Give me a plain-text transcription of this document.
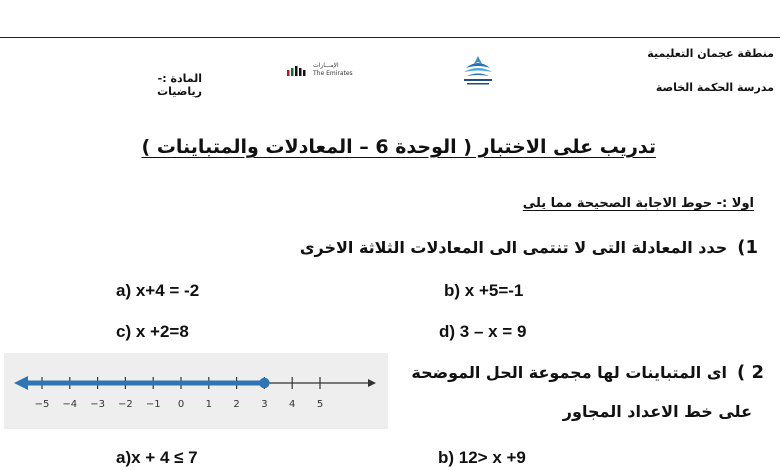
منطقة عجمان التعليمية
مدرسة الحكمة الخاصة
الإمـــارات
The Emirates
المادة :- رياضيات
تدريب على الاختبار ( الوحدة 6 – المعادلات والمتباينات )
اولا :- حوط الاجابة الصحيحة مما يلى
1)
حدد المعادلة التى لا تنتمى الى المعادلات الثلاثة الاخرى
a) x+4 = -2	b) x +5=-1
c) x +2=8	d) 3 – x = 9
−5 −4 −3 −2 −1 0 1 2 3 4 5
2 )
اى المتباينات لها مجموعة الحل الموضحة
على خط الاعداد المجاور
a)x + 4 ≤ 7	b) 12> x +9
